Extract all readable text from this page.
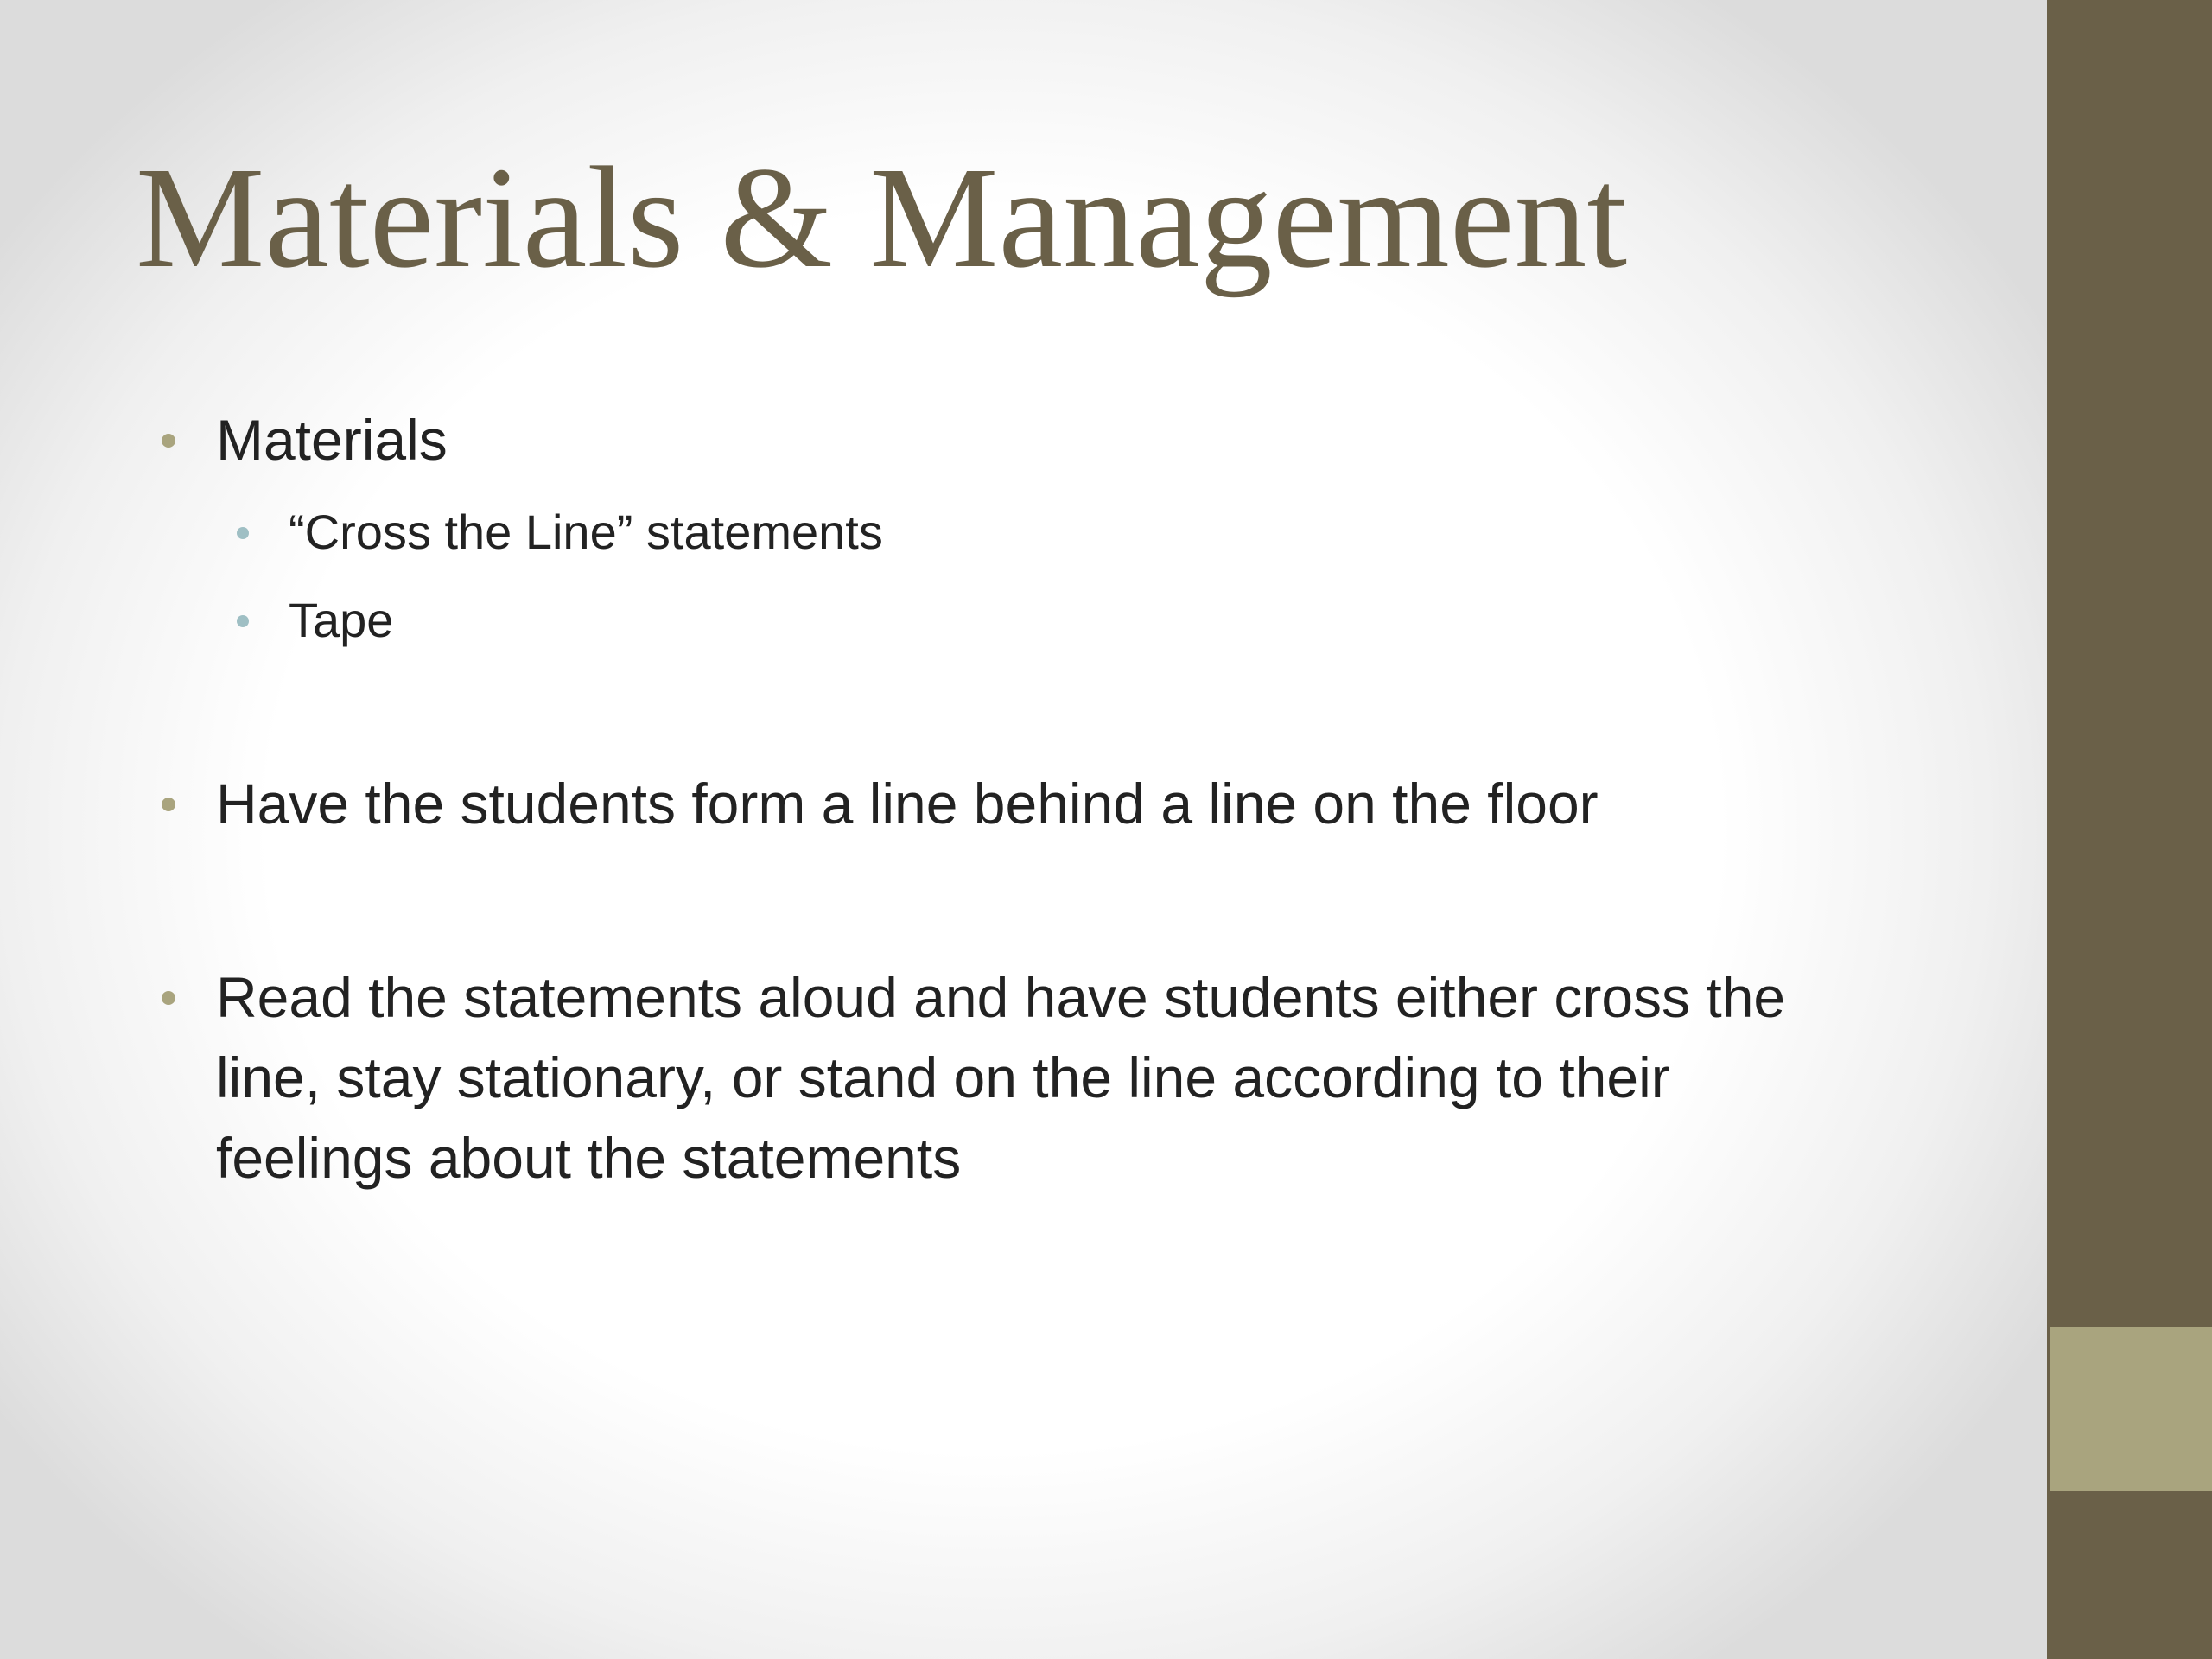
Materials & Management
Materials
“Cross the Line” statements
Tape
Have the students form a line behind a line on the floor
Read the statements aloud and have students either cross the
line, stay stationary, or stand on the line according to their
feelings about the statements
